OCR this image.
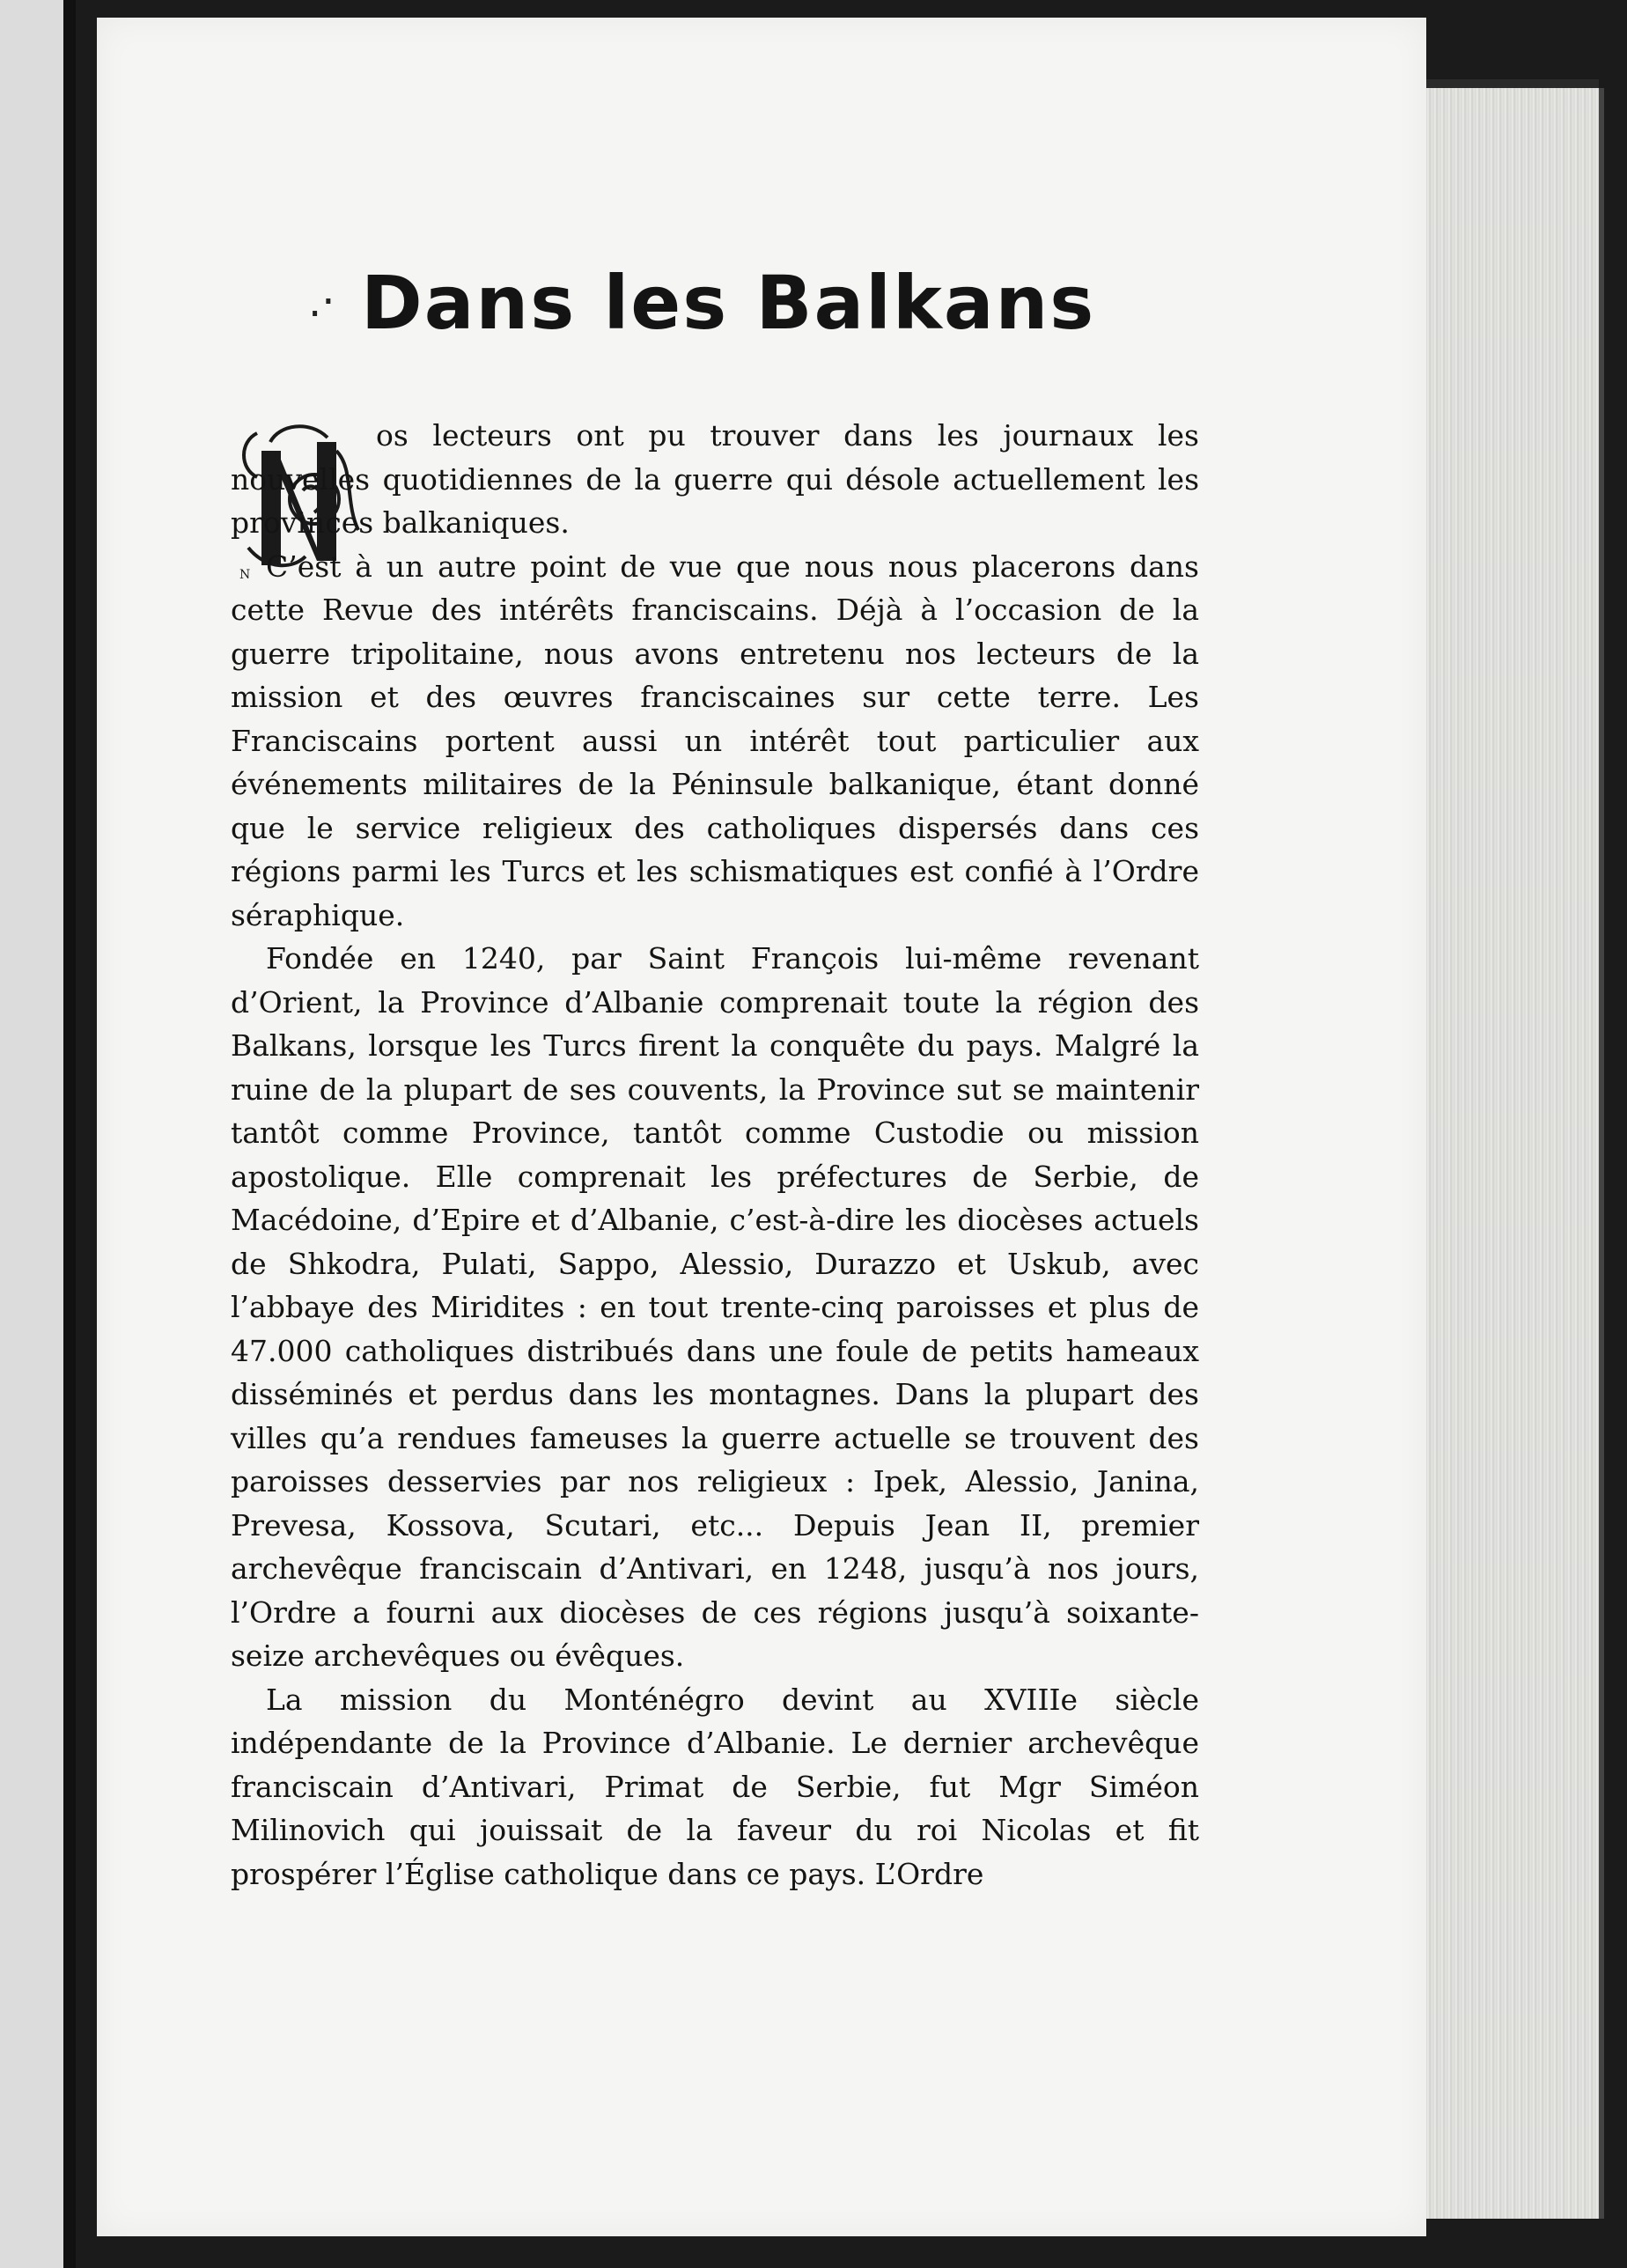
.· Dans les Balkans
N

os lecteurs ont pu trouver dans les journaux les nouvelles quotidiennes de la guerre qui désole actuellement les provinces balkaniques.

C’est à un autre point de vue que nous nous placerons dans cette Revue des intérêts franciscains. Déjà à l’occasion de la guerre tripolitaine, nous avons entretenu nos lecteurs de la mission et des œuvres franciscaines sur cette terre. Les Franciscains portent aussi un intérêt tout particulier aux événements militaires de la Péninsule balkanique, étant donné que le service religieux des catholiques dispersés dans ces régions parmi les Turcs et les schismatiques est confié à l’Ordre séraphique.

Fondée en 1240, par Saint François lui-même revenant d’Orient, la Province d’Albanie comprenait toute la région des Balkans, lorsque les Turcs firent la conquête du pays. Malgré la ruine de la plupart de ses couvents, la Province sut se maintenir tantôt comme Province, tantôt comme Custodie ou mission apostolique. Elle comprenait les préfectures de Serbie, de Macédoine, d’Epire et d’Albanie, c’est-à-dire les diocèses actuels de Shkodra, Pulati, Sappo, Alessio, Durazzo et Uskub, avec l’abbaye des Miridites : en tout trente-cinq paroisses et plus de 47.000 catholiques distribués dans une foule de petits hameaux disséminés et perdus dans les montagnes. Dans la plupart des villes qu’a rendues fameuses la guerre actuelle se trouvent des paroisses desservies par nos religieux : Ipek, Alessio, Janina, Prevesa, Kossova, Scutari, etc... Depuis Jean II, premier archevêque franciscain d’Antivari, en 1248, jusqu’à nos jours, l’Ordre a fourni aux diocèses de ces régions jusqu’à soixante-seize archevêques ou évêques.

La mission du Monténégro devint au XVIIIe siècle indépendante de la Province d’Albanie. Le dernier archevêque franciscain d’Antivari, Primat de Serbie, fut Mgr Siméon Milinovich qui jouissait de la faveur du roi Nicolas et fit prospérer l’Église catholique dans ce pays. L’Ordre
